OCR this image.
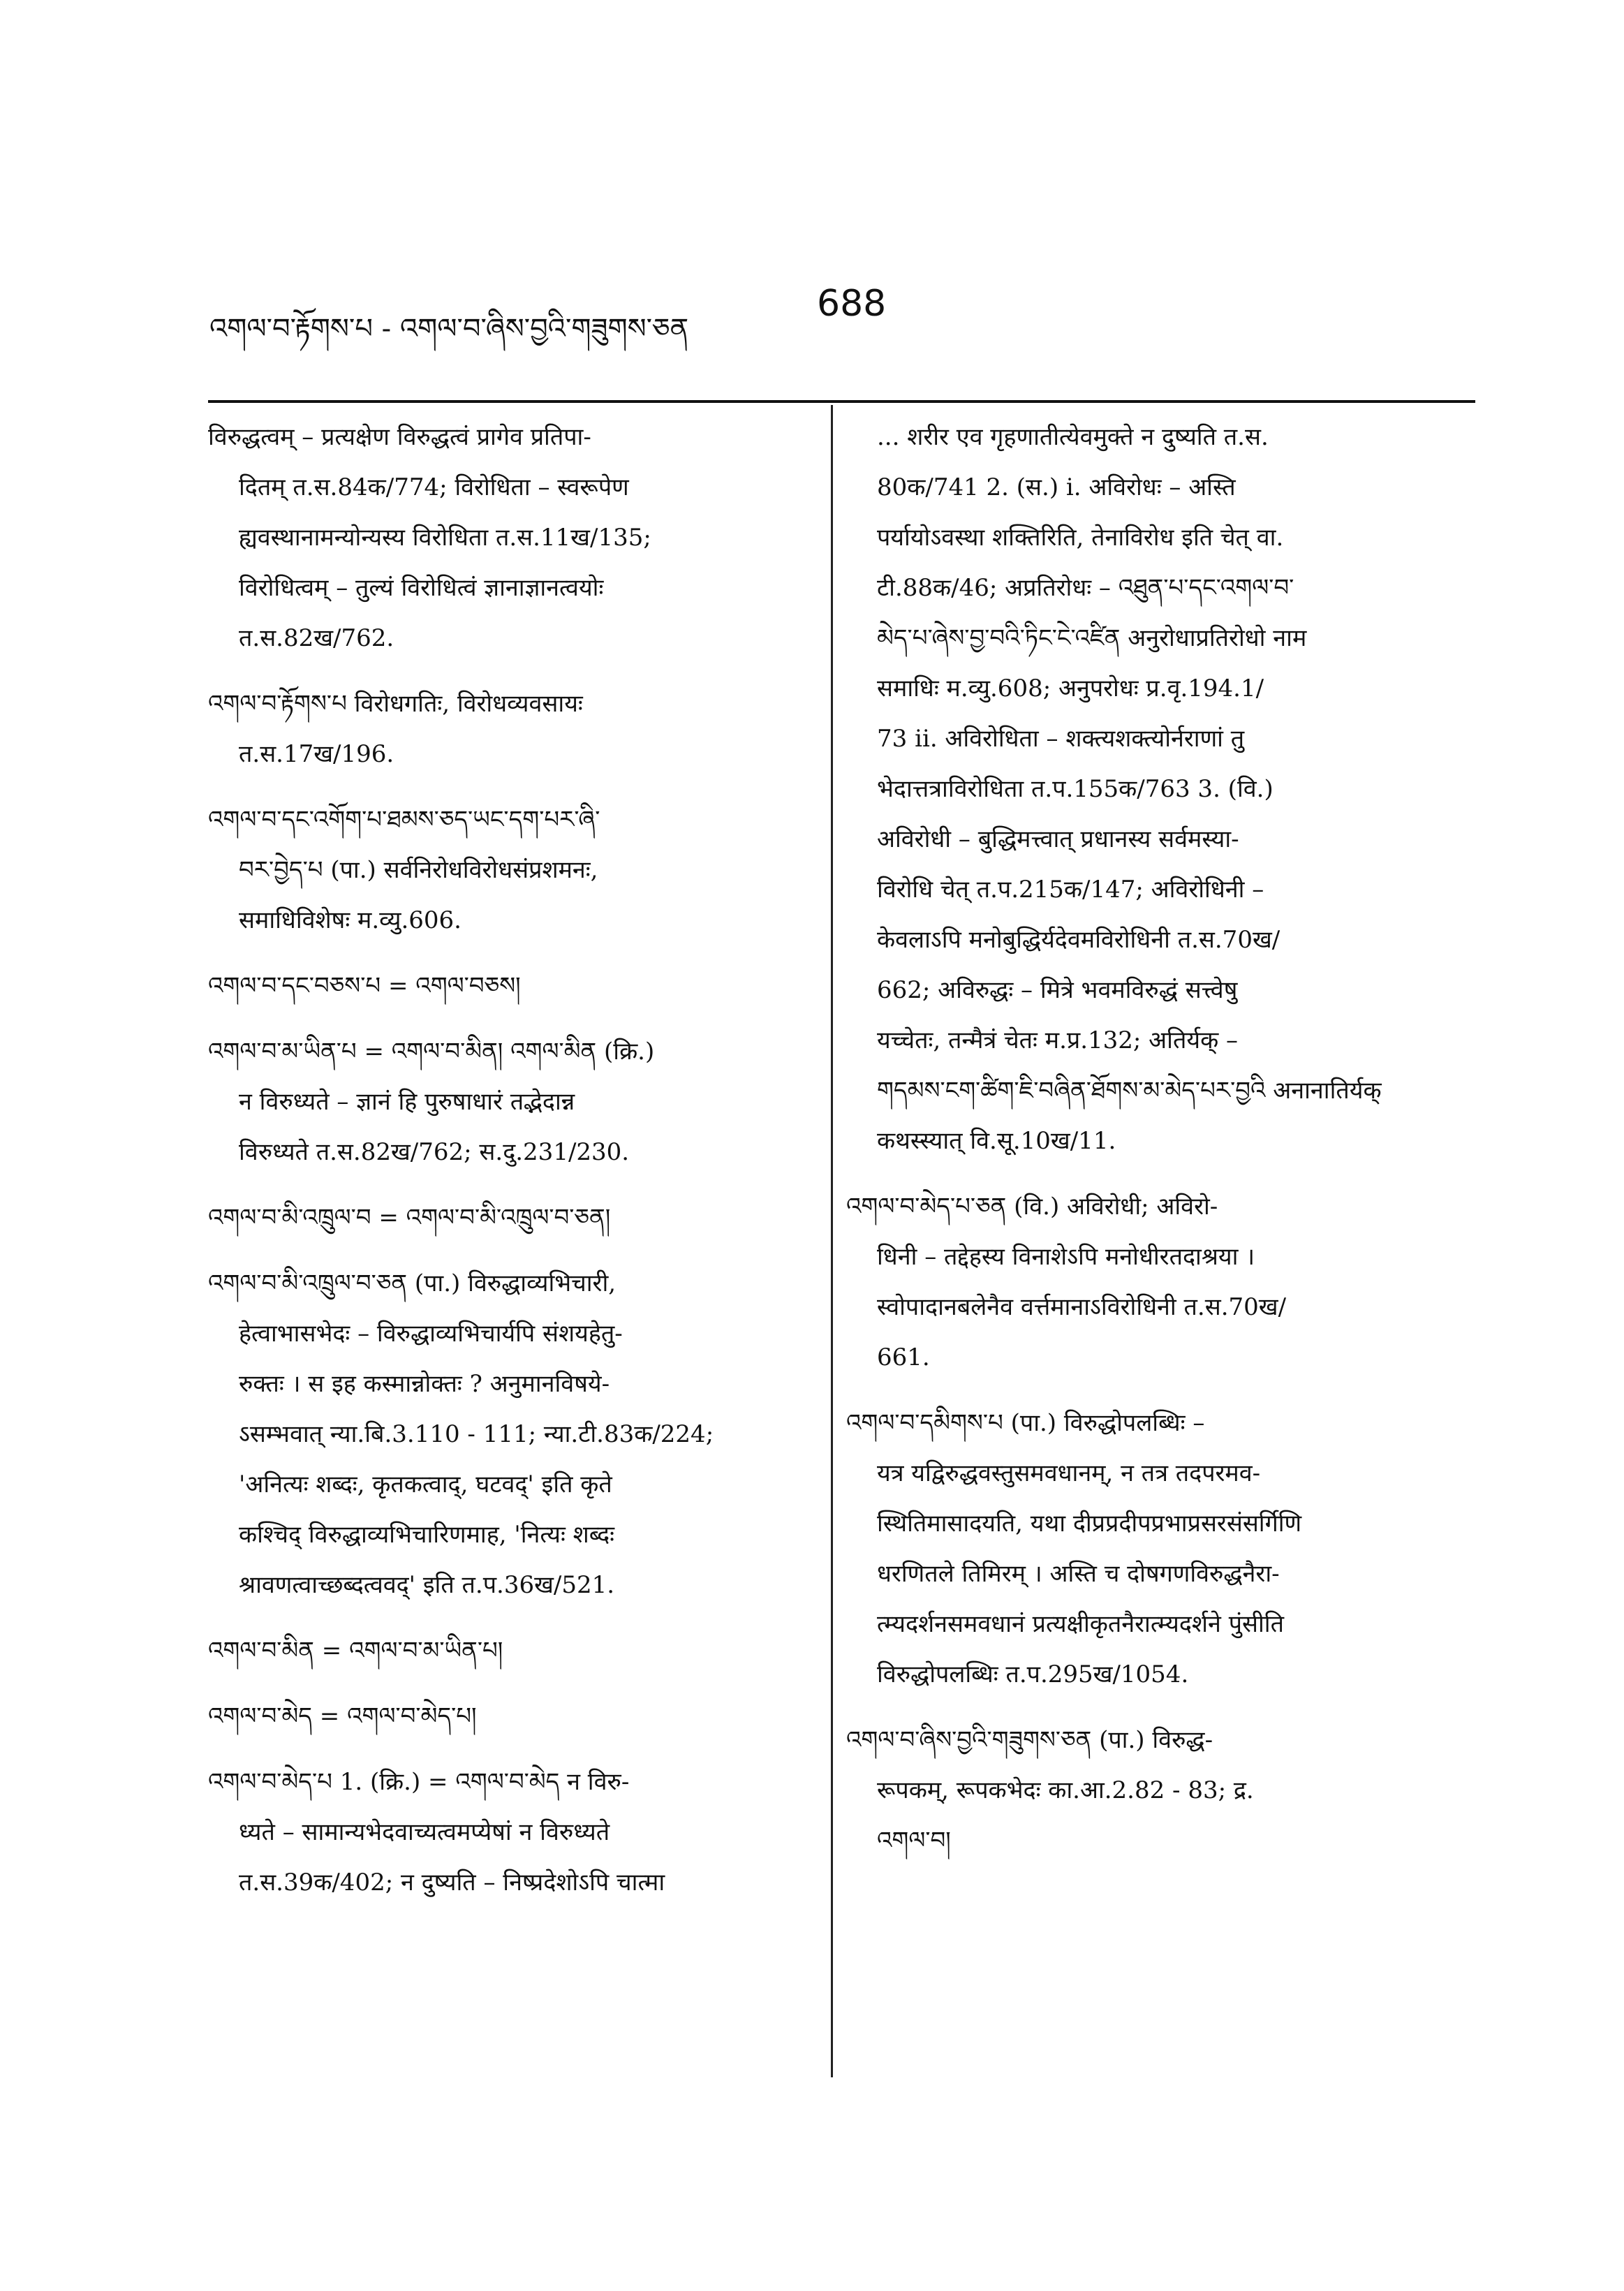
འགལ་བ་རྟོགས་པ - འགལ་བ་ཞིས་བྱའི་གཟུགས་ཅན
688
विरुद्धत्वम् – प्रत्यक्षेण विरुद्धत्वं प्रागेव प्रतिपा-
दितम् त.स.84क/774; विरोधिता – स्वरूपेण
ह्यवस्थानामन्योन्यस्य विरोधिता त.स.11ख/135;
विरोधित्वम् – तुल्यं विरोधित्वं ज्ञानाज्ञानत्वयोः
त.स.82ख/762.
འགལ་བ་རྟོགས་པ विरोधगतिः, विरोधव्यवसायः
त.स.17ख/196.
འགལ་བ་དང་འགོག་པ་ཐམས་ཅད་ཡང་དག་པར་ཞི་
བར་བྱེད་པ (पा.) सर्वनिरोधविरोधसंप्रशमनः,
समाधिविशेषः म.व्यु.606.
འགལ་བ་དང་བཅས་པ = འགལ་བཅས།
འགལ་བ་མ་ཡིན་པ = འགལ་བ་མིན། འགལ་མིན (क्रि.)
न विरुध्यते – ज्ञानं हि पुरुषाधारं तद्भेदान्न
विरुध्यते त.स.82ख/762; स.दु.231/230.
འགལ་བ་མི་འཁྲུལ་བ = འགལ་བ་མི་འཁྲུལ་བ་ཅན།
འགལ་བ་མི་འཁྲུལ་བ་ཅན (पा.) विरुद्धाव्यभिचारी,
हेत्वाभासभेदः – विरुद्धाव्यभिचार्यपि संशयहेतु-
रुक्तः । स इह कस्मान्नोक्तः ? अनुमानविषये-
ऽसम्भवात् न्या.बि.3.110 - 111; न्या.टी.83क/224;
'अनित्यः शब्दः, कृतकत्वाद्, घटवद्' इति कृते
कश्चिद् विरुद्धाव्यभिचारिणमाह, 'नित्यः शब्दः
श्रावणत्वाच्छब्दत्ववद्' इति त.प.36ख/521.
འགལ་བ་མིན = འགལ་བ་མ་ཡིན་པ།
འགལ་བ་མེད = འགལ་བ་མེད་པ།
འགལ་བ་མེད་པ 1. (क्रि.) = འགལ་བ་མེད न विरु-
ध्यते – सामान्यभेदवाच्यत्वमप्येषां न विरुध्यते
त.स.39क/402; न दुष्यति – निष्प्रदेशोऽपि चात्मा
... शरीर एव गृहणातीत्येवमुक्ते न दुष्यति त.स.
80क/741 2. (स.) i. अविरोधः – अस्ति
पर्यायोऽवस्था शक्तिरिति, तेनाविरोध इति चेत् वा.
टी.88क/46; अप्रतिरोधः – འཐུན་པ་དང་འགལ་བ་
མེད་པ་ཞེས་བྱ་བའི་ཏིང་ངེ་འཛིན अनुरोधाप्रतिरोधो नाम
समाधिः म.व्यु.608; अनुपरोधः प्र.वृ.194.1/
73 ii. अविरोधिता – शक्त्यशक्त्योर्नराणां तु
भेदात्तत्राविरोधिता त.प.155क/763 3. (वि.)
अविरोधी – बुद्धिमत्त्वात् प्रधानस्य सर्वमस्या-
विरोधि चेत् त.प.215क/147; अविरोधिनी –
केवलाऽपि मनोबुद्धिर्यदेवमविरोधिनी त.स.70ख/
662; अविरुद्धः – मित्रे भवमविरुद्धं सत्त्वेषु
यच्चेतः, तन्मैत्रं चेतः म.प्र.132; अतिर्यक् –
གདམས་ངག་ཚིག་ཇི་བཞིན་ཐོགས་མ་མེད་པར་བྱའི अनानातिर्यक्
कथस्स्यात् वि.सू.10ख/11.
འགལ་བ་མེད་པ་ཅན (वि.) अविरोधी; अविरो-
धिनी – तद्देहस्य विनाशेऽपि मनोधीरतदाश्रया ।
स्वोपादानबलेनैव वर्त्तमानाऽविरोधिनी त.स.70ख/
661.
འགལ་བ་དམིགས་པ (पा.) विरुद्धोपलब्धिः –
यत्र यद्विरुद्धवस्तुसमवधानम्, न तत्र तदपरमव-
स्थितिमासादयति, यथा दीप्रप्रदीपप्रभाप्रसरसंसर्गिणि
धरणितले तिमिरम् । अस्ति च दोषगणविरुद्धनैरा-
त्म्यदर्शनसमवधानं प्रत्यक्षीकृतनैरात्म्यदर्शने पुंसीति
विरुद्धोपलब्धिः त.प.295ख/1054.
འགལ་བ་ཞིས་བྱའི་གཟུགས་ཅན (पा.) विरुद्ध-
रूपकम्, रूपकभेदः का.आ.2.82 - 83; द्र.
འགལ་བ།
